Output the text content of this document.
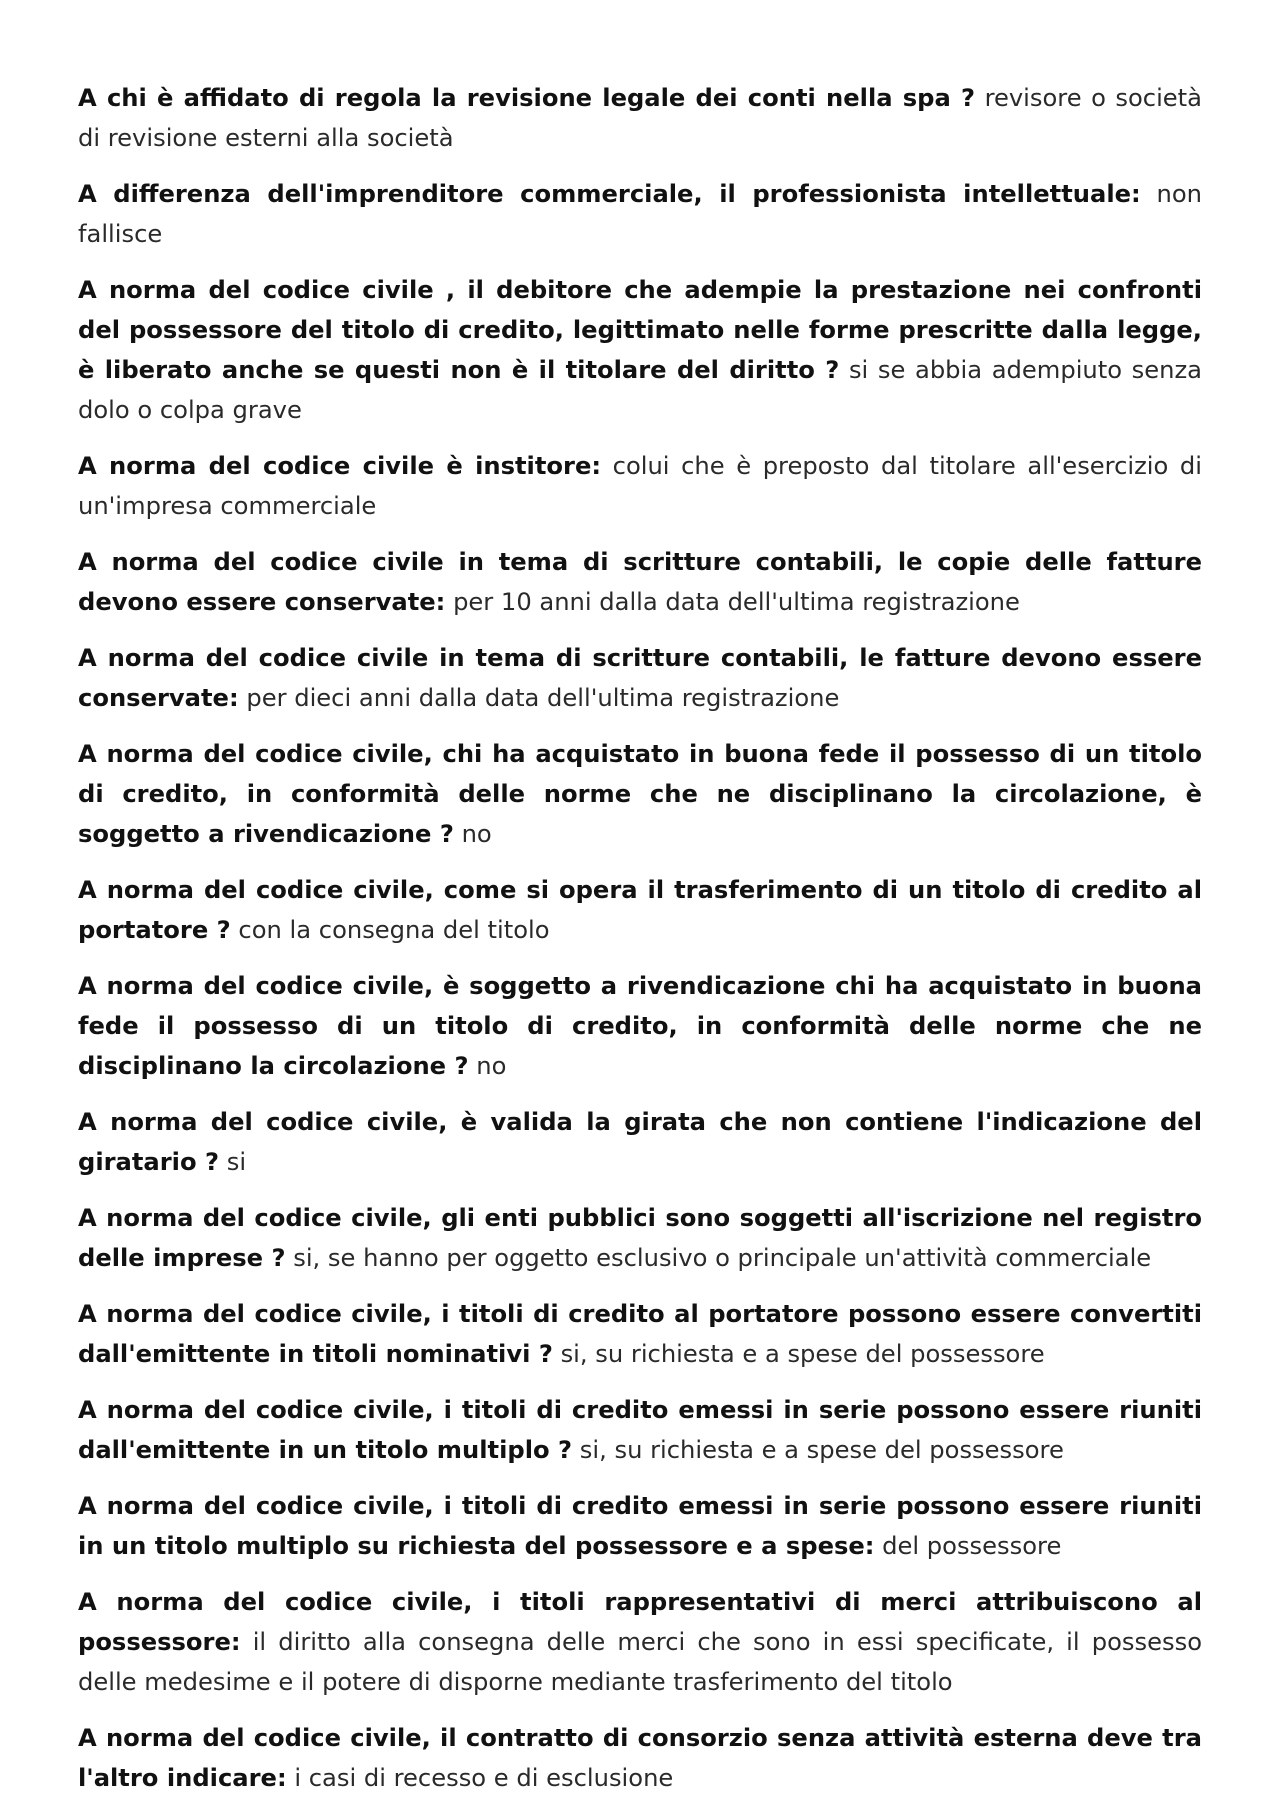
A chi è affidato di regola la revisione legale dei conti nella spa ? revisore o società di revisione esterni alla società

A differenza dell'imprenditore commerciale, il professionista intellettuale: non fallisce

A norma del codice civile , il debitore che adempie la prestazione nei confronti del possessore del titolo di credito, legittimato nelle forme prescritte dalla legge, è liberato anche se questi non è il titolare del diritto ? si se abbia adempiuto senza dolo o colpa grave

A norma del codice civile è institore: colui che è preposto dal titolare all'esercizio di un'impresa commerciale

A norma del codice civile in tema di scritture contabili, le copie delle fatture devono essere conservate: per 10 anni dalla data dell'ultima registrazione

A norma del codice civile in tema di scritture contabili, le fatture devono essere conservate: per dieci anni dalla data dell'ultima registrazione

A norma del codice civile, chi ha acquistato in buona fede il possesso di un titolo di credito, in conformità delle norme che ne disciplinano la circolazione, è soggetto a rivendicazione ? no

A norma del codice civile, come si opera il trasferimento di un titolo di credito al portatore ? con la consegna del titolo

A norma del codice civile, è soggetto a rivendicazione chi ha acquistato in buona fede il possesso di un titolo di credito, in conformità delle norme che ne disciplinano la circolazione ? no

A norma del codice civile, è valida la girata che non contiene l'indicazione del giratario ? si

A norma del codice civile, gli enti pubblici sono soggetti all'iscrizione nel registro delle imprese ? si, se hanno per oggetto esclusivo o principale un'attività commerciale

A norma del codice civile, i titoli di credito al portatore possono essere convertiti dall'emittente in titoli nominativi ? si, su richiesta e a spese del possessore

A norma del codice civile, i titoli di credito emessi in serie possono essere riuniti dall'emittente in un titolo multiplo ? si, su richiesta e a spese del possessore

A norma del codice civile, i titoli di credito emessi in serie possono essere riuniti in un titolo multiplo su richiesta del possessore e a spese: del possessore

A norma del codice civile, i titoli rappresentativi di merci attribuiscono al possessore: il diritto alla consegna delle merci che sono in essi specificate, il possesso delle medesime e il potere di disporne mediante trasferimento del titolo

A norma del codice civile, il contratto di consorzio senza attività esterna deve tra l'altro indicare: i casi di recesso e di esclusione
